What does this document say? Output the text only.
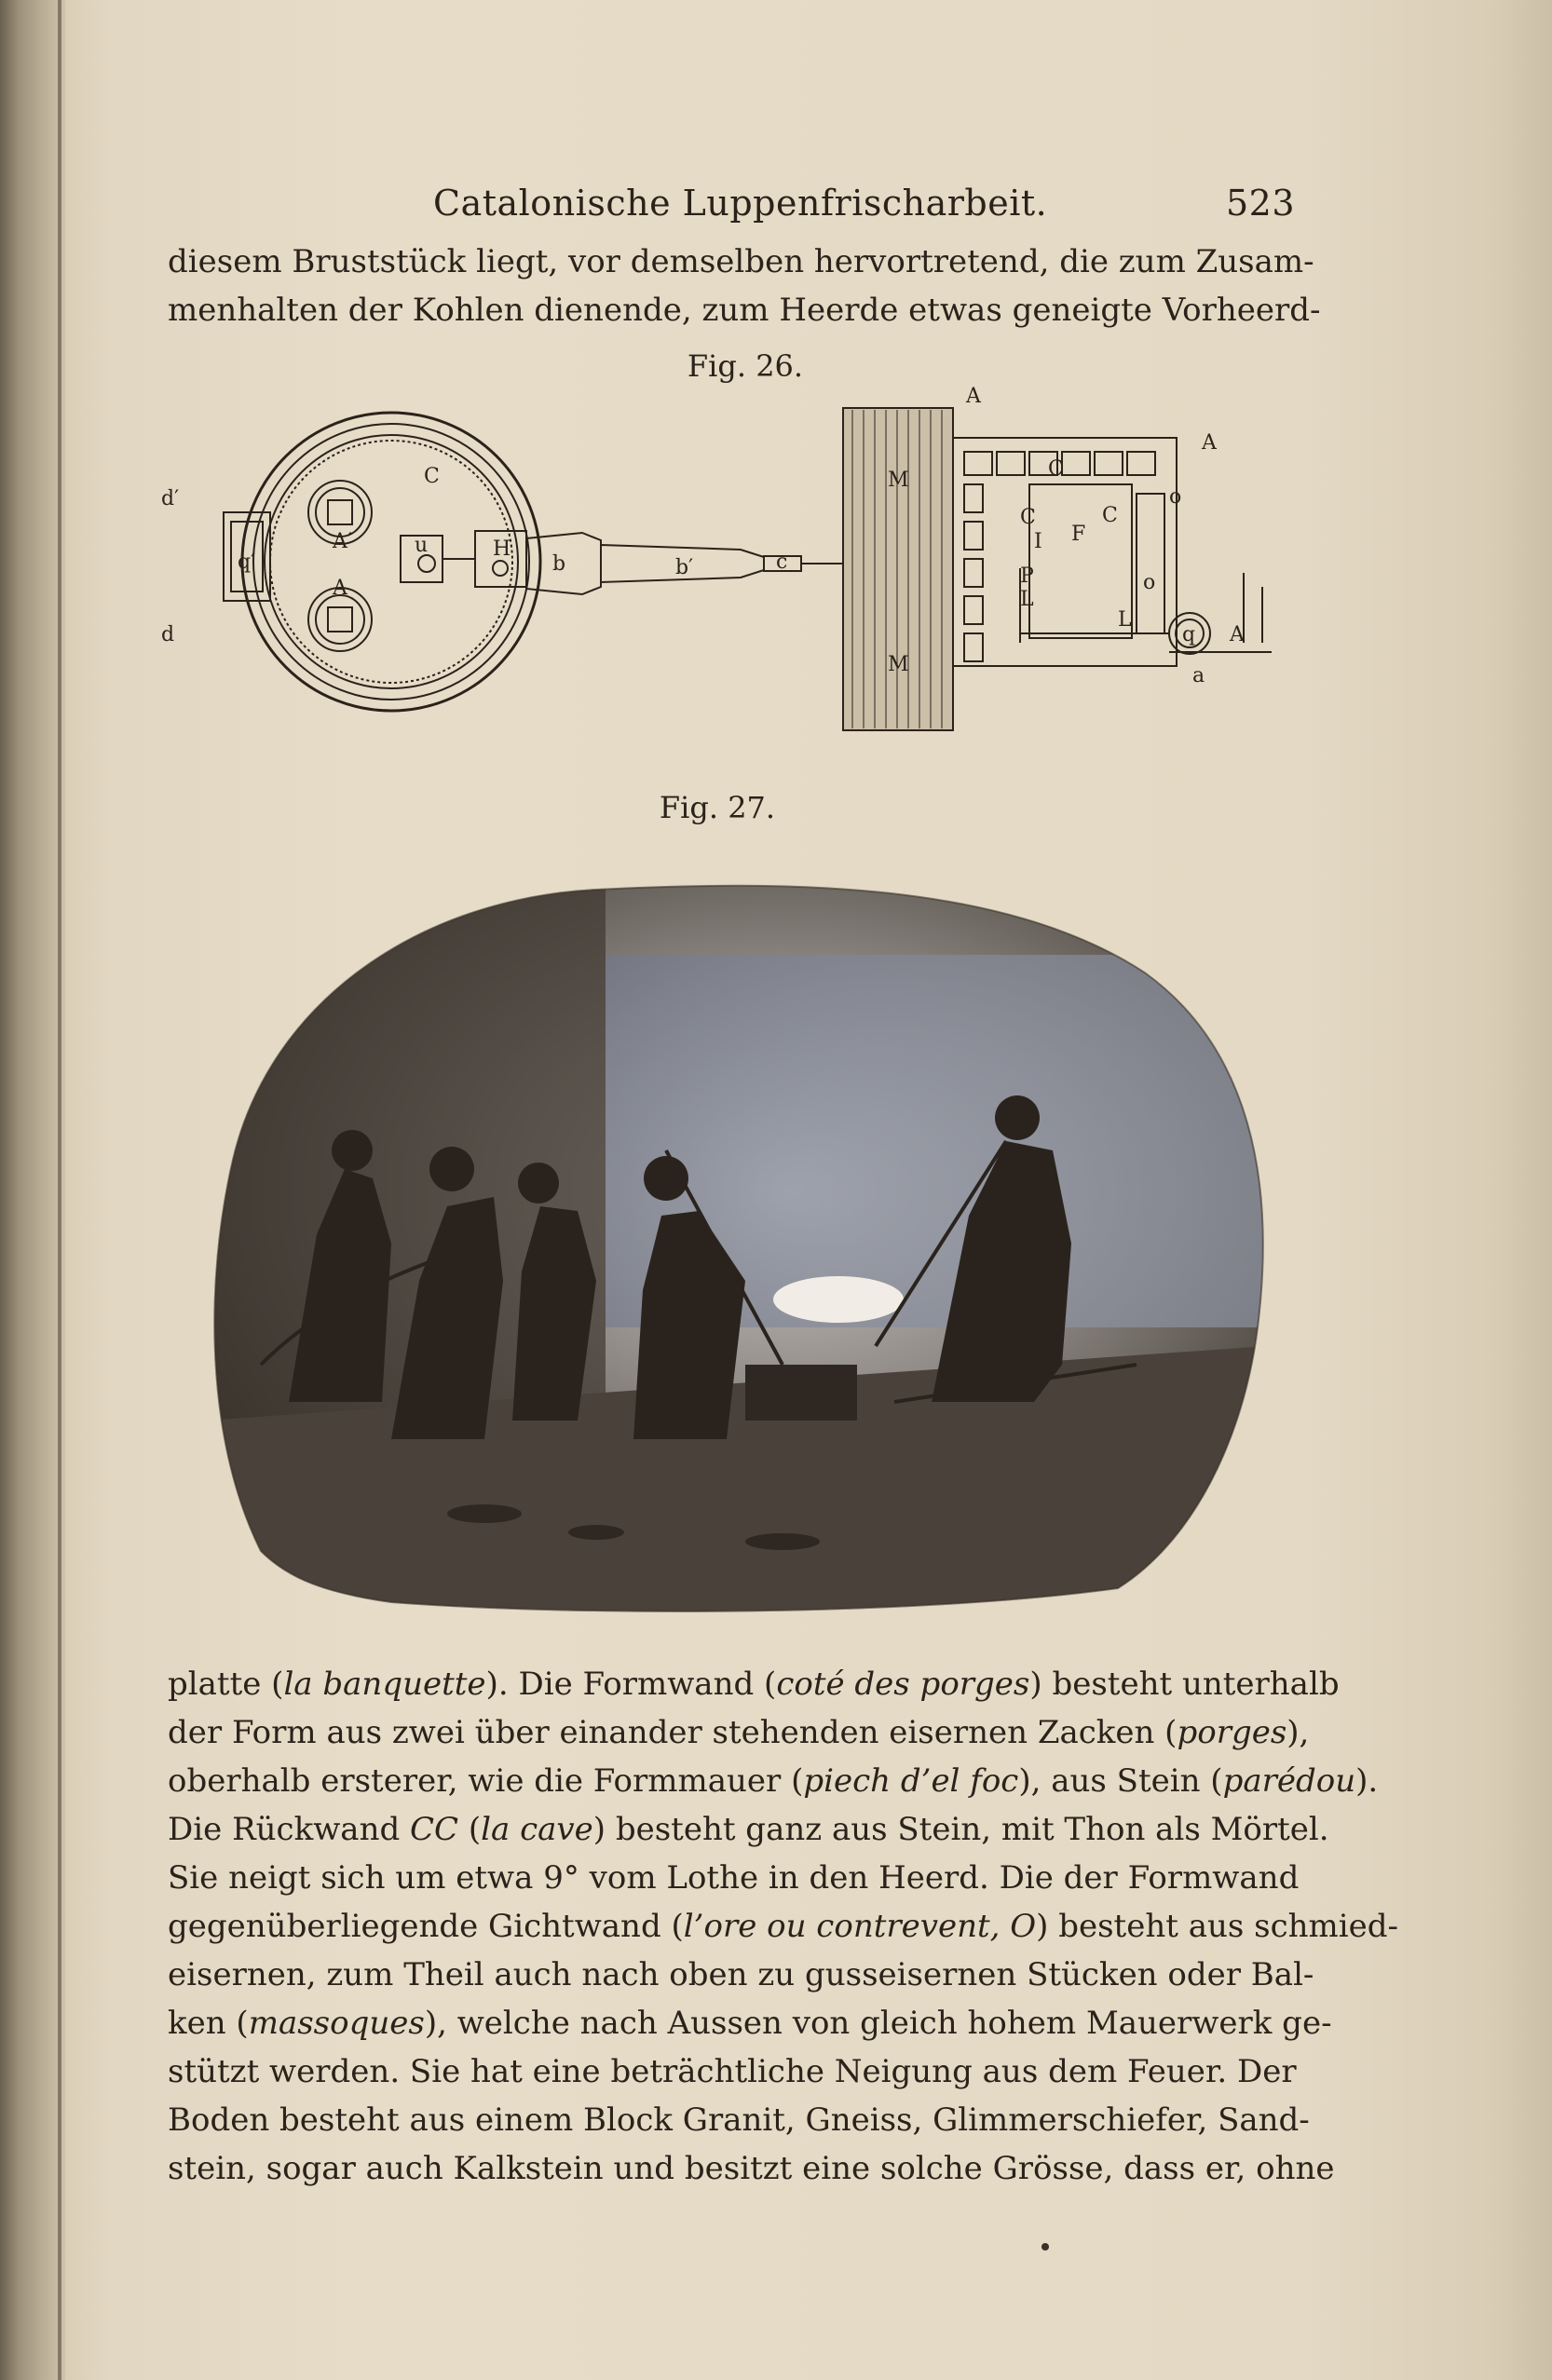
Catalonische Luppenfrischarbeit.	523
diesem Bruststück liegt, vor demselben hervortretend, die zum Zusam-
menhalten der Kohlen dienende, zum Heerde etwas geneigte Vorheerd-
Fig. 26.
C
d′
d
q′
A′
A
u	H
b	b′	c
M
M
A
A
C
C	C
I F
o
o
P
L
L
q A
a
Fig. 27.
platte (la banquette). Die Formwand (coté des porges) besteht unterhalb
der Form aus zwei über einander stehenden eisernen Zacken (porges),
oberhalb ersterer, wie die Formmauer (piech d’el foc), aus Stein (parédou).
Die Rückwand CC (la cave) besteht ganz aus Stein, mit Thon als Mörtel.
Sie neigt sich um etwa 9° vom Lothe in den Heerd. Die der Formwand
gegenüberliegende Gichtwand (l’ore ou contrevent, O) besteht aus schmied-
eisernen, zum Theil auch nach oben zu gusseisernen Stücken oder Bal-
ken (massoques), welche nach Aussen von gleich hohem Mauerwerk ge-
stützt werden. Sie hat eine beträchtliche Neigung aus dem Feuer. Der
Boden besteht aus einem Block Granit, Gneiss, Glimmerschiefer, Sand-
stein, sogar auch Kalkstein und besitzt eine solche Grösse, dass er, ohne
